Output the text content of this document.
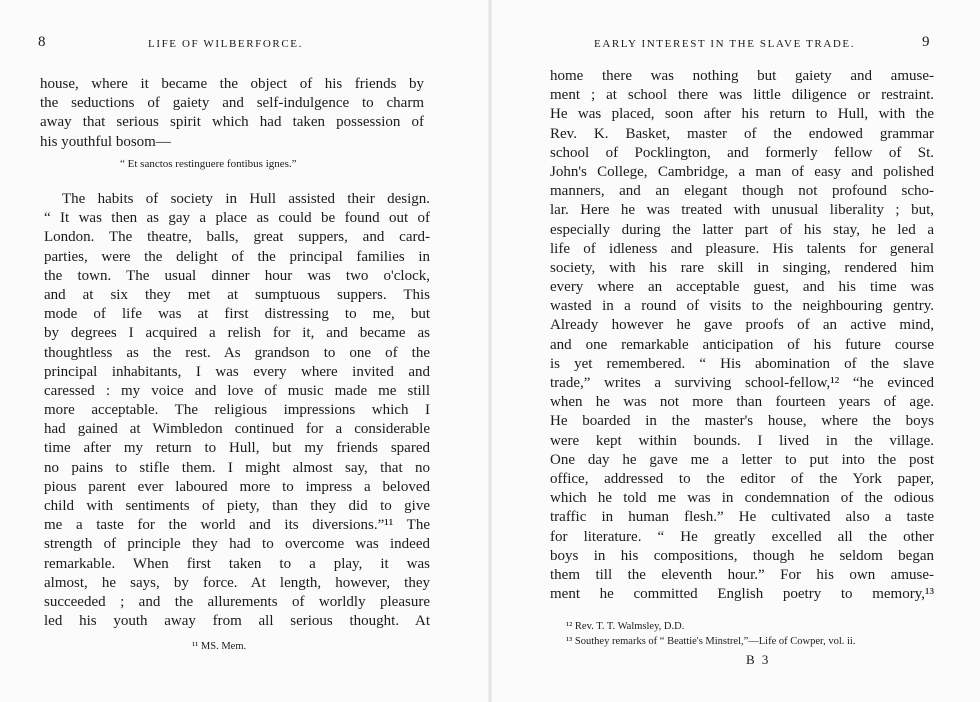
8	LIFE OF WILBERFORCE.
house, where it became the object of his friends by
the seductions of gaiety and self-indulgence to charm
away that serious spirit which had taken possession of
his youthful bosom—
“ Et sanctos restinguere fontibus ignes.”
The habits of society in Hull assisted their design.
“ It was then as gay a place as could be found out of
London. The theatre, balls, great suppers, and card-
parties, were the delight of the principal families in
the town. The usual dinner hour was two o'clock,
and at six they met at sumptuous suppers. This
mode of life was at first distressing to me, but
by degrees I acquired a relish for it, and became as
thoughtless as the rest. As grandson to one of the
principal inhabitants, I was every where invited and
caressed : my voice and love of music made me still
more acceptable. The religious impressions which I
had gained at Wimbledon continued for a considerable
time after my return to Hull, but my friends spared
no pains to stifle them. I might almost say, that no
pious parent ever laboured more to impress a beloved
child with sentiments of piety, than they did to give
me a taste for the world and its diversions.”¹¹ The
strength of principle they had to overcome was indeed
remarkable. When first taken to a play, it was
almost, he says, by force. At length, however, they
succeeded ; and the allurements of worldly pleasure
led his youth away from all serious thought. At
¹¹ MS. Mem.
EARLY INTEREST IN THE SLAVE TRADE.	9
home there was nothing but gaiety and amuse-
ment ; at school there was little diligence or restraint.
He was placed, soon after his return to Hull, with the
Rev. K. Basket, master of the endowed grammar
school of Pocklington, and formerly fellow of St.
John's College, Cambridge, a man of easy and polished
manners, and an elegant though not profound scho-
lar. Here he was treated with unusual liberality ; but,
especially during the latter part of his stay, he led a
life of idleness and pleasure. His talents for general
society, with his rare skill in singing, rendered him
every where an acceptable guest, and his time was
wasted in a round of visits to the neighbouring gentry.
Already however he gave proofs of an active mind,
and one remarkable anticipation of his future course
is yet remembered. “ His abomination of the slave
trade,” writes a surviving school-fellow,¹² “he evinced
when he was not more than fourteen years of age.
He boarded in the master's house, where the boys
were kept within bounds. I lived in the village.
One day he gave me a letter to put into the post
office, addressed to the editor of the York paper,
which he told me was in condemnation of the odious
traffic in human flesh.” He cultivated also a taste
for literature. “ He greatly excelled all the other
boys in his compositions, though he seldom began
them till the eleventh hour.” For his own amuse-
ment he committed English poetry to memory,¹³
¹² Rev. T. T. Walmsley, D.D.
¹³ Southey remarks of “ Beattie's Minstrel,”—Life of Cowper, vol. ii.
B 3
